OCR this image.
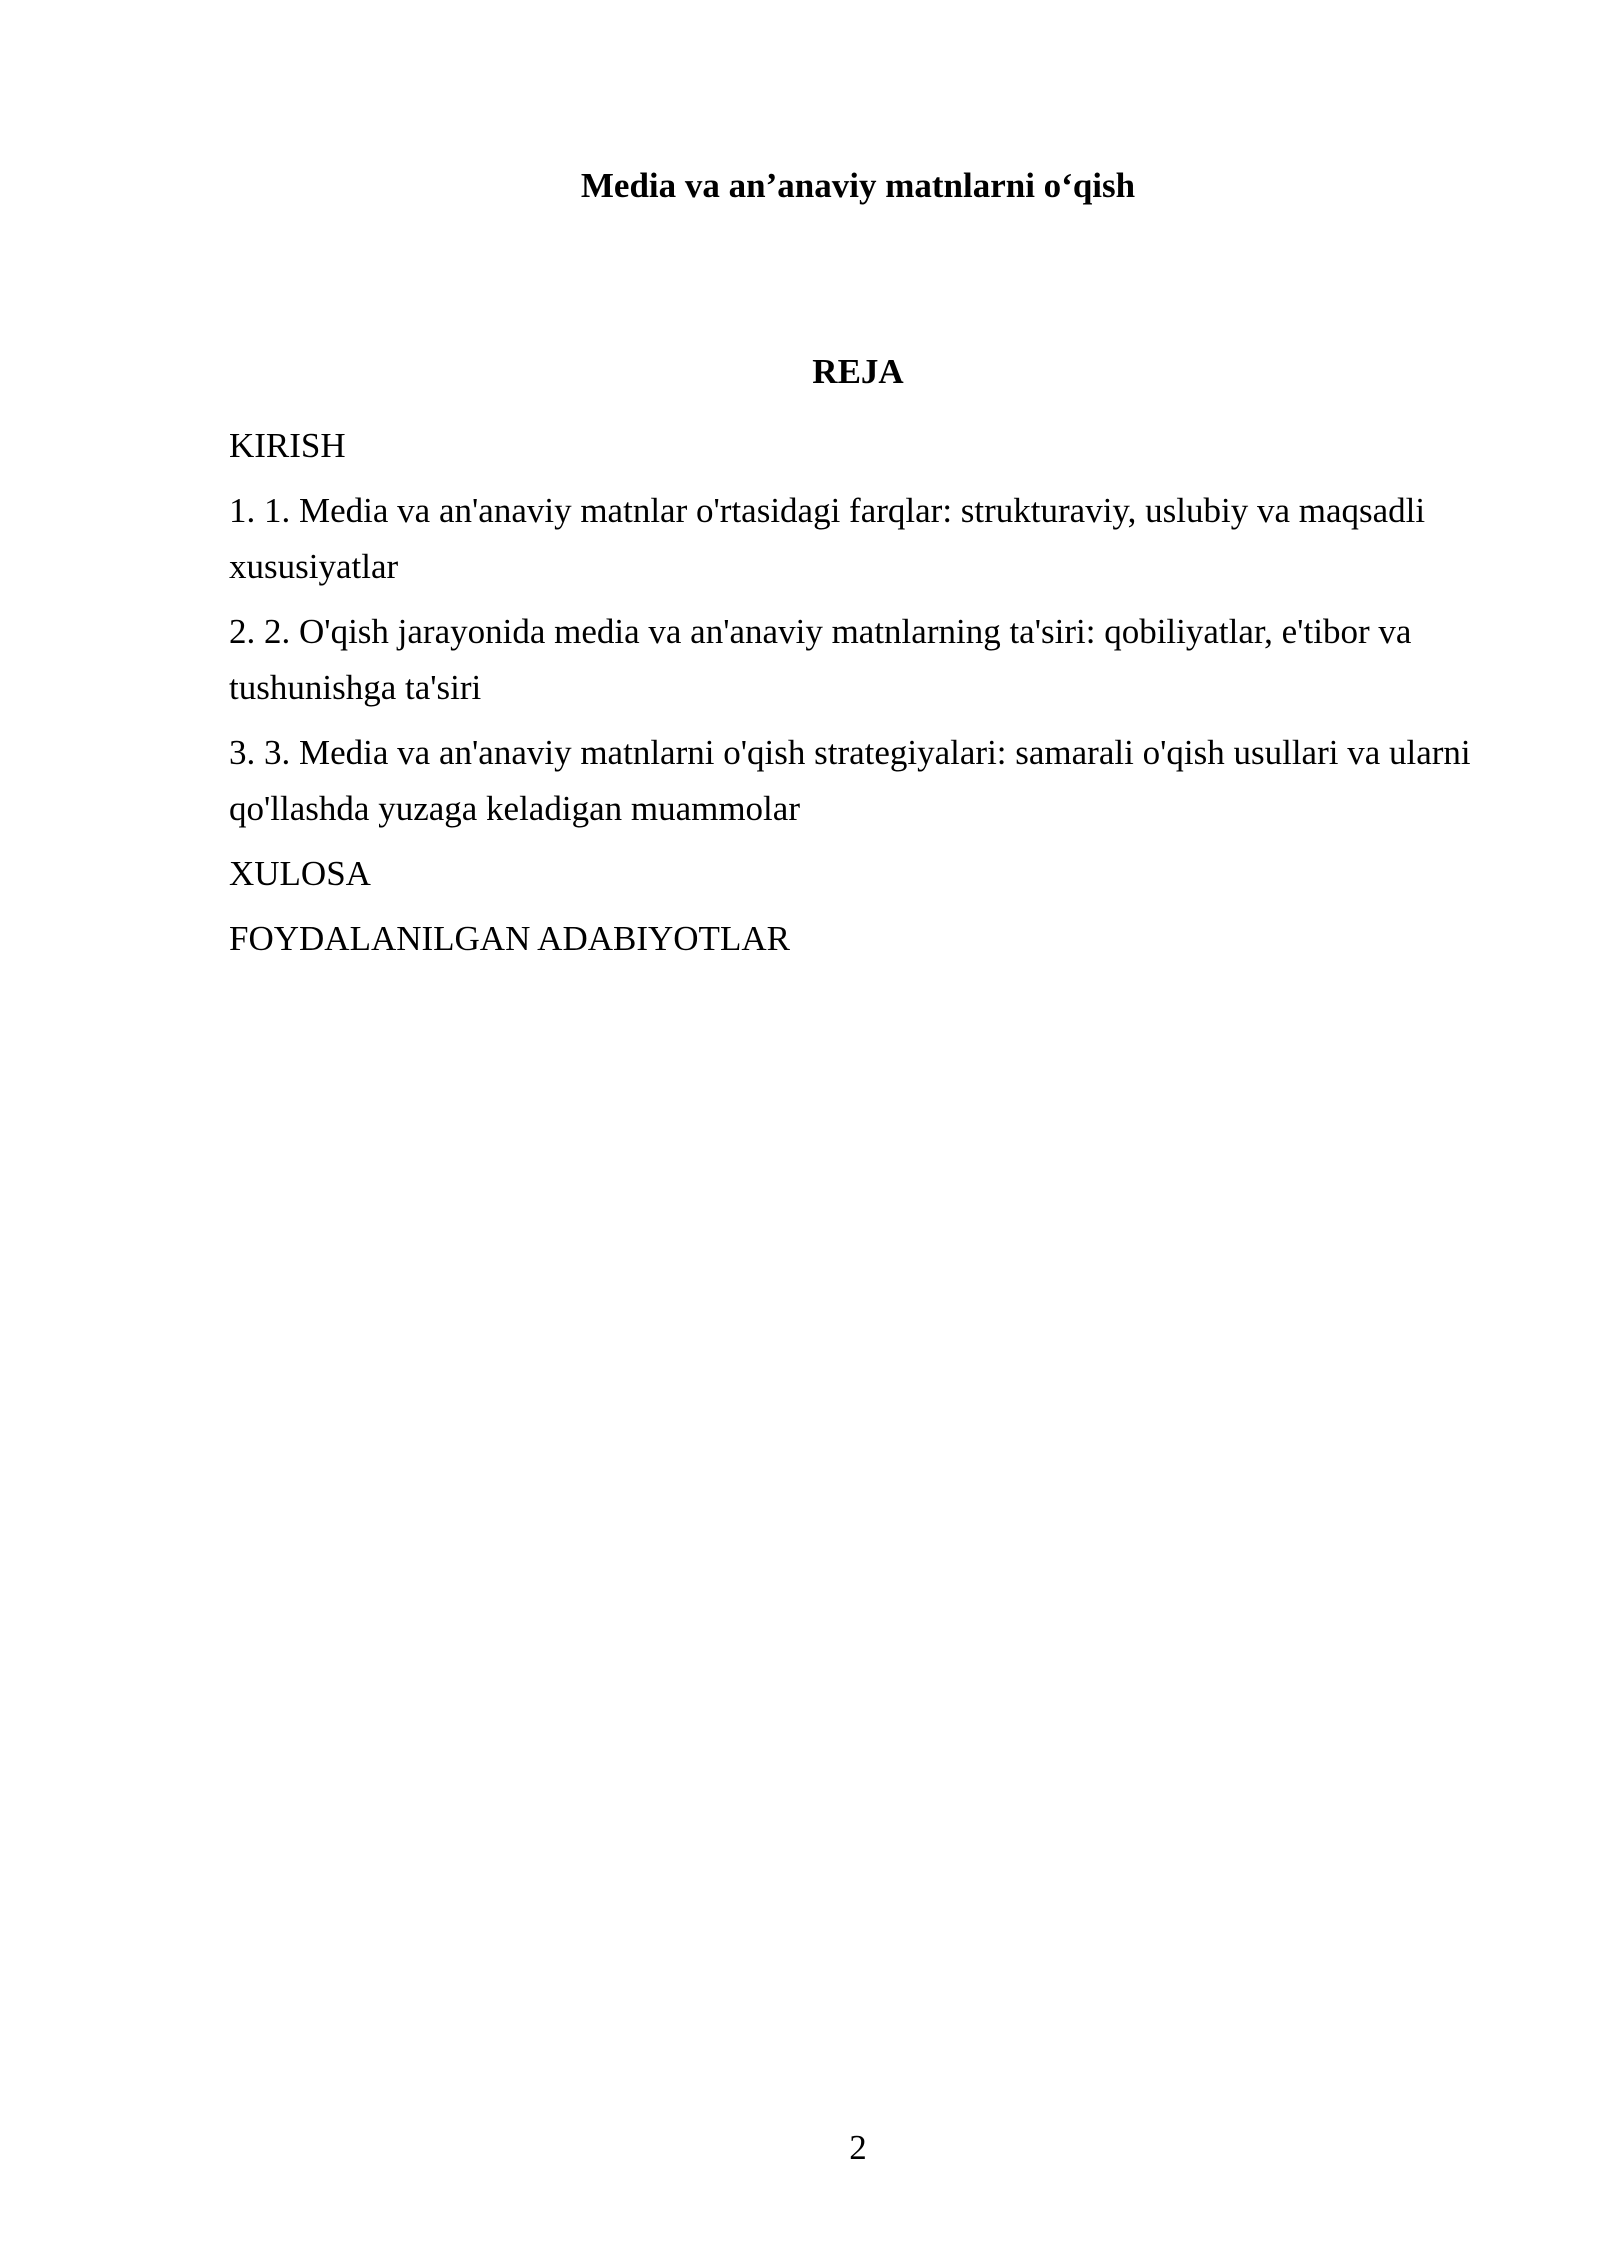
Media va an’anaviy matnlarni o‘qish
REJA
KIRISH
1. 1. Media va an'anaviy matnlar o'rtasidagi farqlar: strukturaviy, uslubiy va maqsadli xususiyatlar
2. 2. O'qish jarayonida media va an'anaviy matnlarning ta'siri: qobiliyatlar, e'tibor va tushunishga ta'siri
3. 3. Media va an'anaviy matnlarni o'qish strategiyalari: samarali o'qish usullari va ularni qo'llashda yuzaga keladigan muammolar
XULOSA
FOYDALANILGAN ADABIYOTLAR
2
